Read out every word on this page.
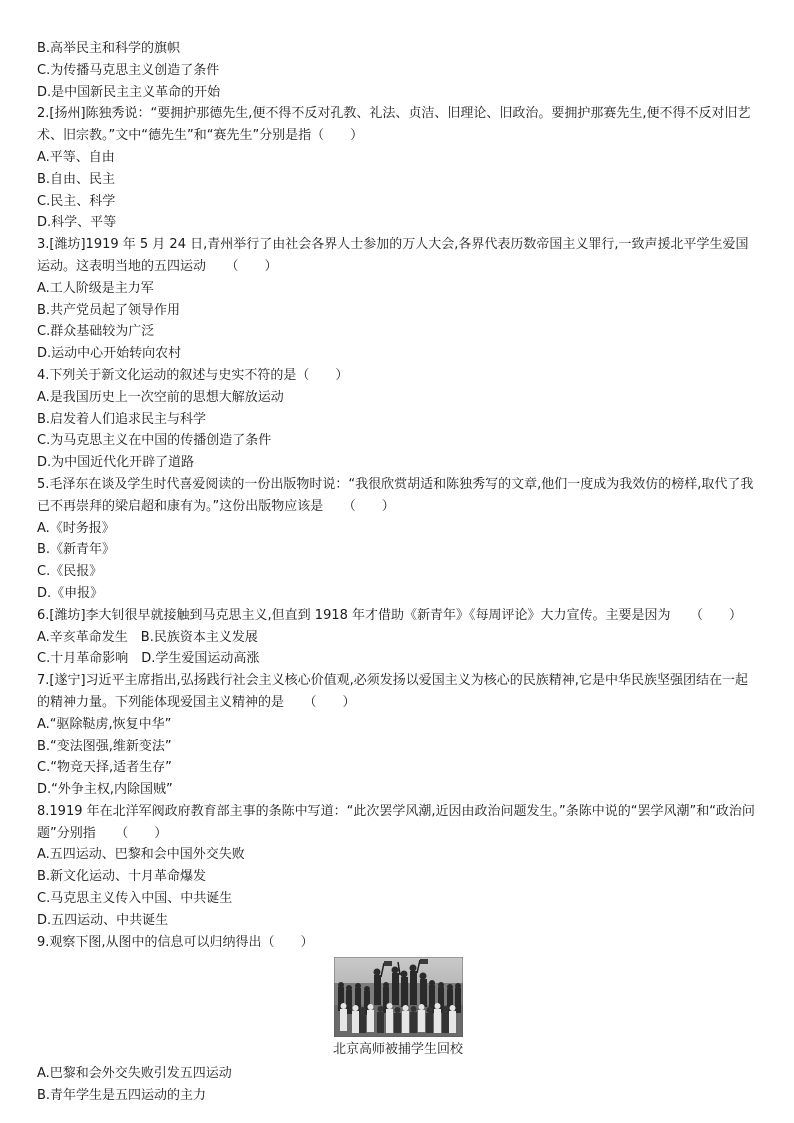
B.高举民主和科学的旗帜
C.为传播马克思主义创造了条件
D.是中国新民主主义革命的开始
2.[扬州]陈独秀说：“要拥护那德先生,便不得不反对孔教、礼法、贞洁、旧理论、旧政治。要拥护那赛先生,便不得不反对旧艺术、旧宗教。”文中“德先生”和“赛先生”分别是指（　　）
A.平等、自由
B.自由、民主
C.民主、科学
D.科学、平等
3.[潍坊]1919 年 5 月 24 日,青州举行了由社会各界人士参加的万人大会,各界代表历数帝国主义罪行,一致声援北平学生爱国运动。这表明当地的五四运动　　（　　）
A.工人阶级是主力军
B.共产党员起了领导作用
C.群众基础较为广泛
D.运动中心开始转向农村
4.下列关于新文化运动的叙述与史实不符的是（　　）
A.是我国历史上一次空前的思想大解放运动
B.启发着人们追求民主与科学
C.为马克思主义在中国的传播创造了条件
D.为中国近代化开辟了道路
5.毛泽东在谈及学生时代喜爱阅读的一份出版物时说：“我很欣赏胡适和陈独秀写的文章,他们一度成为我效仿的榜样,取代了我已不再崇拜的梁启超和康有为。”这份出版物应该是　　（　　）
A.《时务报》
B.《新青年》
C.《民报》
D.《申报》
6.[潍坊]李大钊很早就接触到马克思主义,但直到 1918 年才借助《新青年》《每周评论》大力宣传。主要是因为　　（　　）
A.辛亥革命发生　B.民族资本主义发展
C.十月革命影响　D.学生爱国运动高涨
7.[遂宁]习近平主席指出,弘扬践行社会主义核心价值观,必须发扬以爱国主义为核心的民族精神,它是中华民族坚强团结在一起的精神力量。下列能体现爱国主义精神的是　　（　　）
A.“驱除鞑虏,恢复中华”
B.“变法图强,维新变法”
C.“物竞天择,适者生存”
D.“外争主权,内除国贼”
8.1919 年在北洋军阀政府教育部主事的条陈中写道：“此次罢学风潮,近因由政治问题发生。”条陈中说的“罢学风潮”和“政治问题”分别指　　（　　）
A.五四运动、巴黎和会中国外交失败
B.新文化运动、十月革命爆发
C.马克思主义传入中国、中共诞生
D.五四运动、中共诞生
9.观察下图,从图中的信息可以归纳得出（　　）
北京高师被捕学生回校
A.巴黎和会外交失败引发五四运动
B.青年学生是五四运动的主力
